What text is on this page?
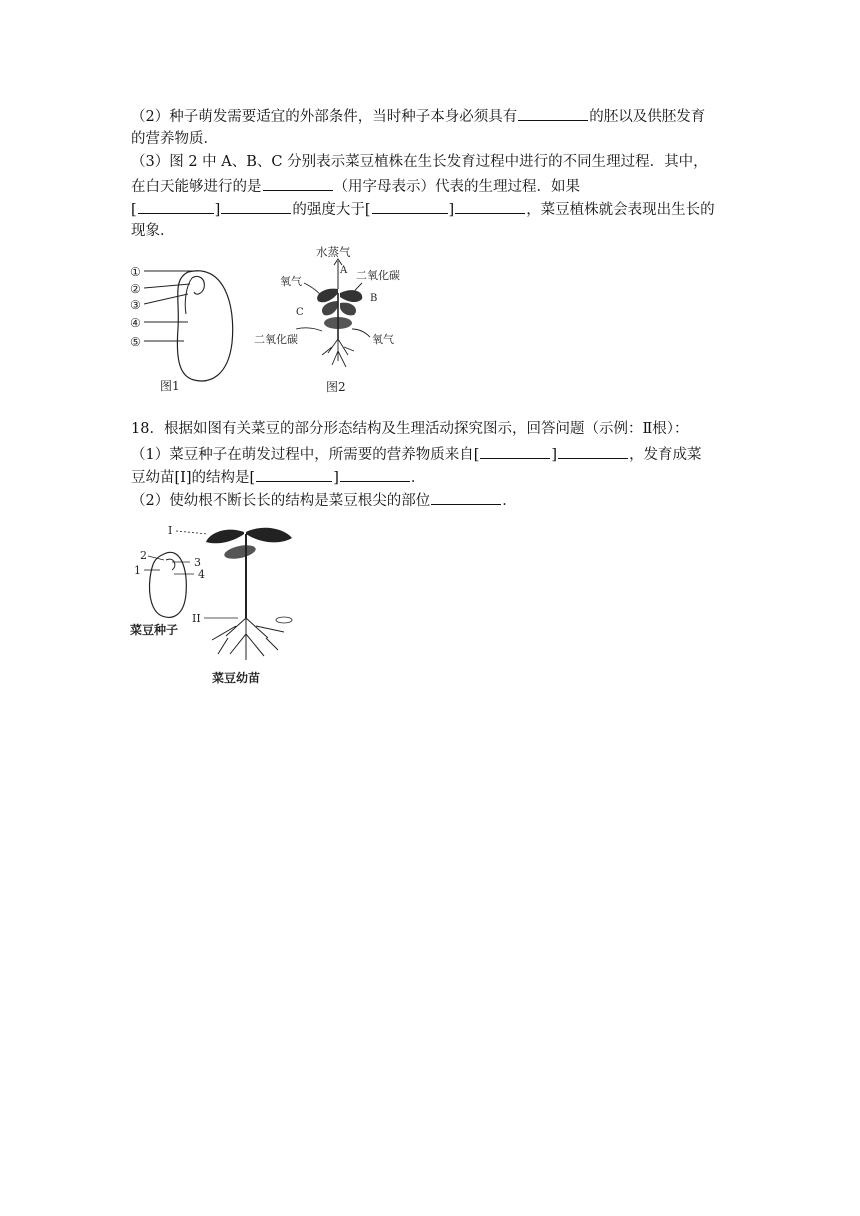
（2）种子萌发需要适宜的外部条件，当时种子本身必须具有	的胚以及供胚发育
的营养物质．
（3）图 2 中 A、B、C 分别表示菜豆植株在生长发育过程中进行的不同生理过程．其中，
在白天能够进行的是	（用字母表示）代表的生理过程．如果
[	]	的强度大于[	]	，菜豆植株就会表现出生长的
现象．
①
②
③
④
⑤
图1
水蒸气
A
氧气	二氧化碳
B
C
二氧化碳	氧气
图2
18．根据如图有关菜豆的部分形态结构及生理活动探究图示，回答问题（示例：Ⅱ根）：
（1）菜豆种子在萌发过程中，所需要的营养物质来自[	]	，发育成菜
豆幼苗[I]的结构是[	]	．
（2）使幼根不断长长的结构是菜豆根尖的部位	．
2
1
3
4
菜豆种子
I
II
菜豆幼苗
